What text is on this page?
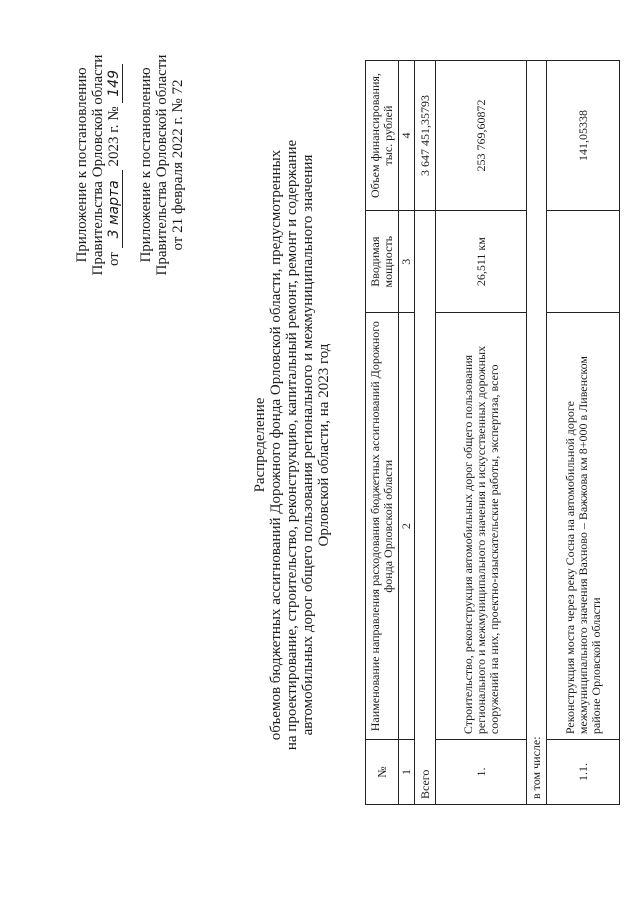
Приложение к постановлению Правительства Орловской области от 3 марта 2023 г. № 149 Приложение к постановлению Правительства Орловской области от 21 февраля 2022 г. № 72
Распределение объемов бюджетных ассигнований Дорожного фонда Орловской области, предусмотренных на проектирование, строительство, реконструкцию, капитальный ремонт, ремонт и содержание автомобильных дорог общего пользования регионального и межмуниципального значения Орловской области, на 2023 год
№	Наименование направления расходования бюджетных ассигнований Дорожного фонда Орловской области	Вводимая мощность	Объем финансирования, тыс. рублей
1	2	3	4
Всего			3 647 451,35793
1.	Строительство, реконструкция автомобильных дорог общего пользования регионального и межмуниципального значения и искусственных дорожных сооружений на них, проектно-изыскательские работы, экспертиза, всего	26,511 км	253 769,60872
в том числе:			
1.1.	Реконструкция моста через реку Сосна на автомобильной дороге межмуниципального значения Вахново – Важжова км 8+000 в Ливенском районе Орловской области		141,05338
